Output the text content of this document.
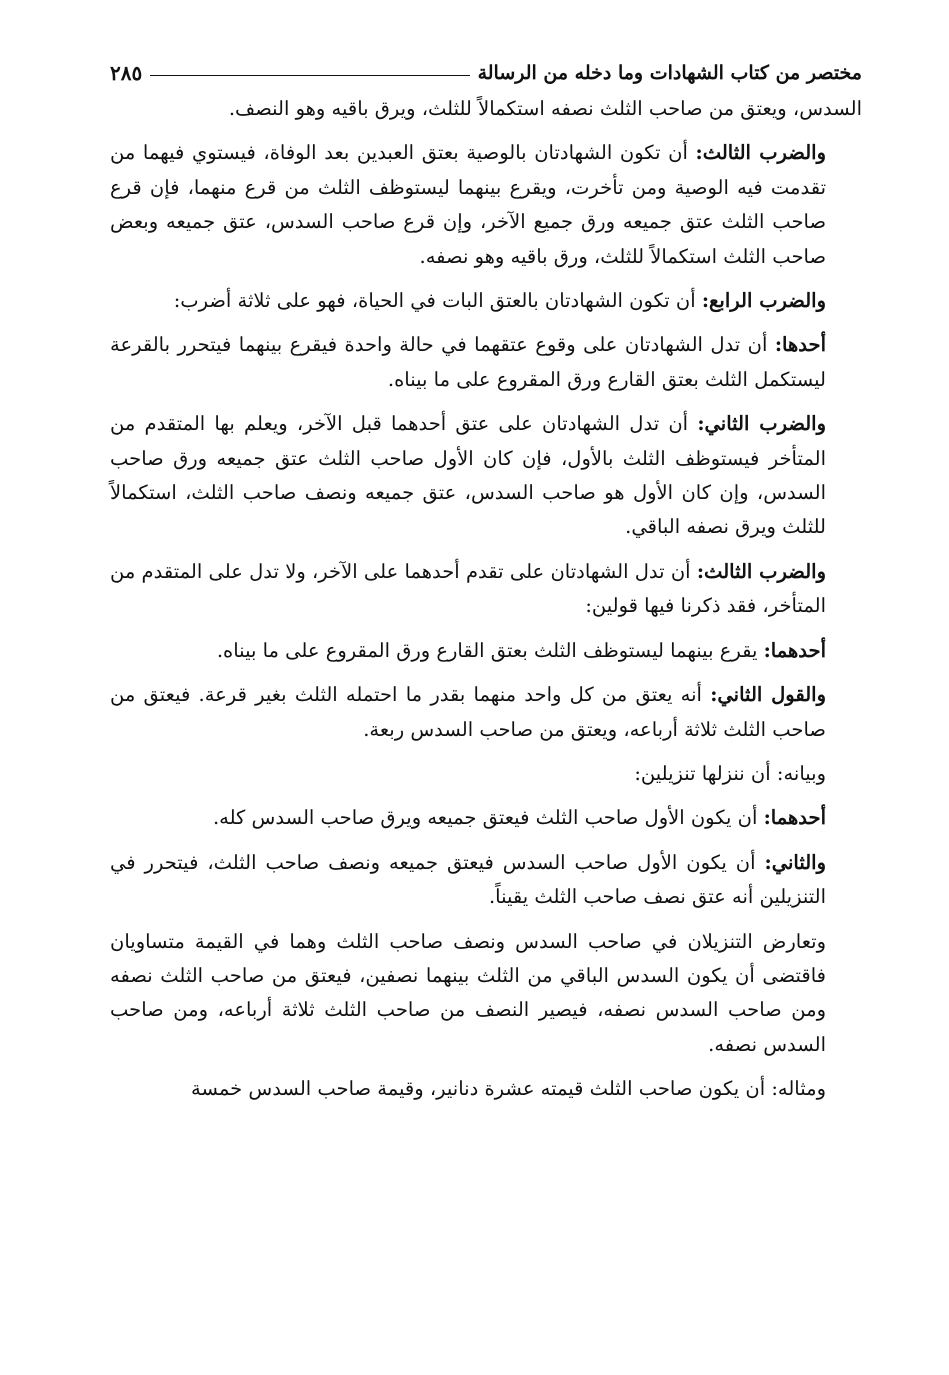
مختصر من كتاب الشهادات وما دخله من الرسالة
٢٨٥

السدس، ويعتق من صاحب الثلث نصفه استكمالاً للثلث، ويرق باقيه وهو النصف.

والضرب الثالث: أن تكون الشهادتان بالوصية بعتق العبدين بعد الوفاة، فيستوي فيهما من تقدمت فيه الوصية ومن تأخرت، ويقرع بينهما ليستوظف الثلث من قرع منهما، فإن قرع صاحب الثلث عتق جميعه ورق جميع الآخر، وإن قرع صاحب السدس، عتق جميعه وبعض صاحب الثلث استكمالاً للثلث، ورق باقيه وهو نصفه.

والضرب الرابع: أن تكون الشهادتان بالعتق البات في الحياة، فهو على ثلاثة أضرب:

أحدها: أن تدل الشهادتان على وقوع عتقهما في حالة واحدة فيقرع بينهما فيتحرر بالقرعة ليستكمل الثلث بعتق القارع ورق المقروع على ما بيناه.

والضرب الثاني: أن تدل الشهادتان على عتق أحدهما قبل الآخر، ويعلم بها المتقدم من المتأخر فيستوظف الثلث بالأول، فإن كان الأول صاحب الثلث عتق جميعه ورق صاحب السدس، وإن كان الأول هو صاحب السدس، عتق جميعه ونصف صاحب الثلث، استكمالاً للثلث ويرق نصفه الباقي.

والضرب الثالث: أن تدل الشهادتان على تقدم أحدهما على الآخر، ولا تدل على المتقدم من المتأخر، فقد ذكرنا فيها قولين:

أحدهما: يقرع بينهما ليستوظف الثلث بعتق القارع ورق المقروع على ما بيناه.

والقول الثاني: أنه يعتق من كل واحد منهما بقدر ما احتمله الثلث بغير قرعة. فيعتق من صاحب الثلث ثلاثة أرباعه، ويعتق من صاحب السدس ربعة.

وبيانه: أن ننزلها تنزيلين:

أحدهما: أن يكون الأول صاحب الثلث فيعتق جميعه ويرق صاحب السدس كله.

والثاني: أن يكون الأول صاحب السدس فيعتق جميعه ونصف صاحب الثلث، فيتحرر في التنزيلين أنه عتق نصف صاحب الثلث يقيناً.

وتعارض التنزيلان في صاحب السدس ونصف صاحب الثلث وهما في القيمة متساويان فاقتضى أن يكون السدس الباقي من الثلث بينهما نصفين، فيعتق من صاحب الثلث نصفه ومن صاحب السدس نصفه، فيصير النصف من صاحب الثلث ثلاثة أرباعه، ومن صاحب السدس نصفه.

ومثاله: أن يكون صاحب الثلث قيمته عشرة دنانير، وقيمة صاحب السدس خمسة
